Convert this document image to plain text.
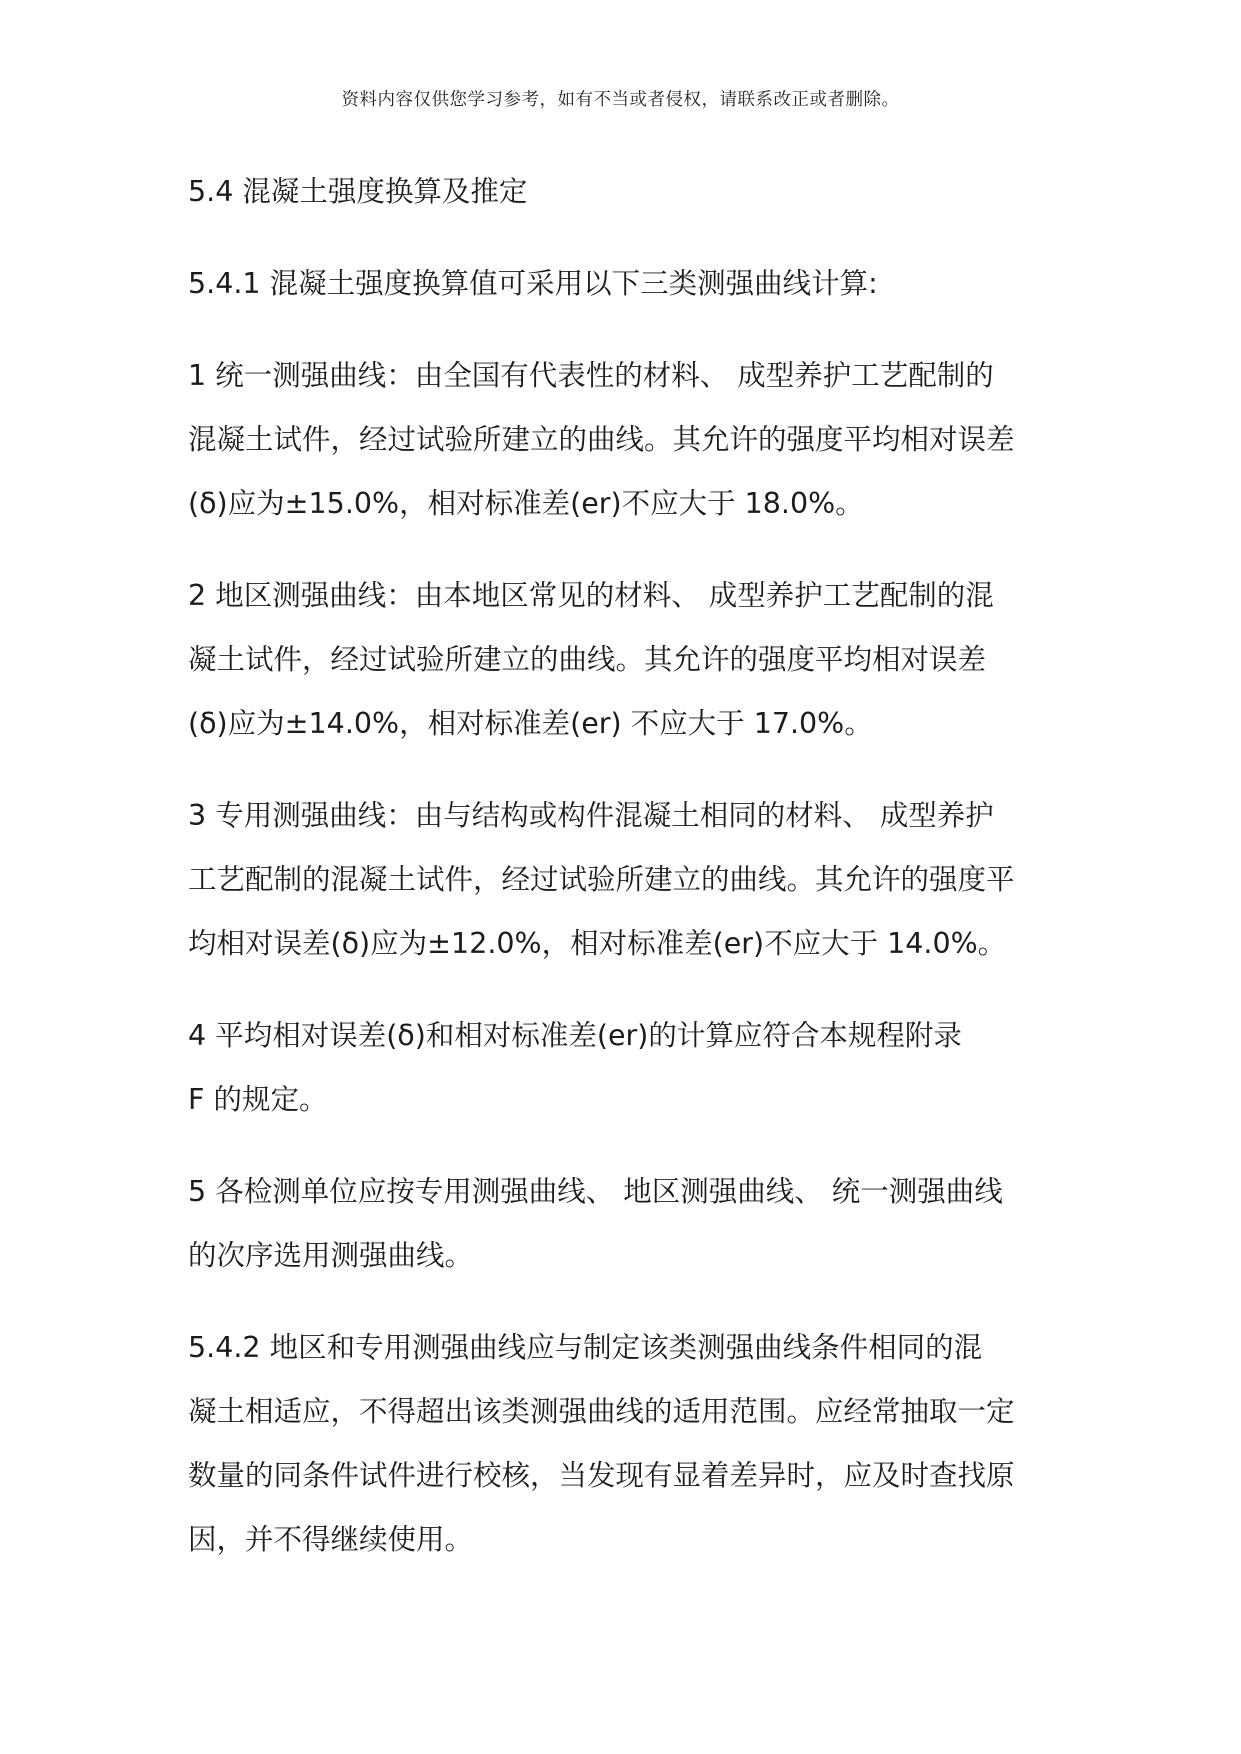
资料内容仅供您学习参考，如有不当或者侵权，请联系改正或者删除。
5.4 混凝土强度换算及推定
5.4.1 混凝土强度换算值可采用以下三类测强曲线计算:
1 统一测强曲线：由全国有代表性的材料、 成型养护工艺配制的
混凝土试件，经过试验所建立的曲线。其允许的强度平均相对误差
(δ)应为±15.0%，相对标准差(er)不应大于 18.0%。
2 地区测强曲线：由本地区常见的材料、 成型养护工艺配制的混
凝土试件，经过试验所建立的曲线。其允许的强度平均相对误差
(δ)应为±14.0%，相对标准差(er) 不应大于 17.0%。
3 专用测强曲线：由与结构或构件混凝土相同的材料、 成型养护
工艺配制的混凝土试件，经过试验所建立的曲线。其允许的强度平
均相对误差(δ)应为±12.0%，相对标准差(er)不应大于 14.0%。
4 平均相对误差(δ)和相对标准差(er)的计算应符合本规程附录
F 的规定。
5 各检测单位应按专用测强曲线、 地区测强曲线、 统一测强曲线
的次序选用测强曲线。
5.4.2 地区和专用测强曲线应与制定该类测强曲线条件相同的混
凝土相适应，不得超出该类测强曲线的适用范围。应经常抽取一定
数量的同条件试件进行校核，当发现有显着差异时，应及时查找原
因，并不得继续使用。
